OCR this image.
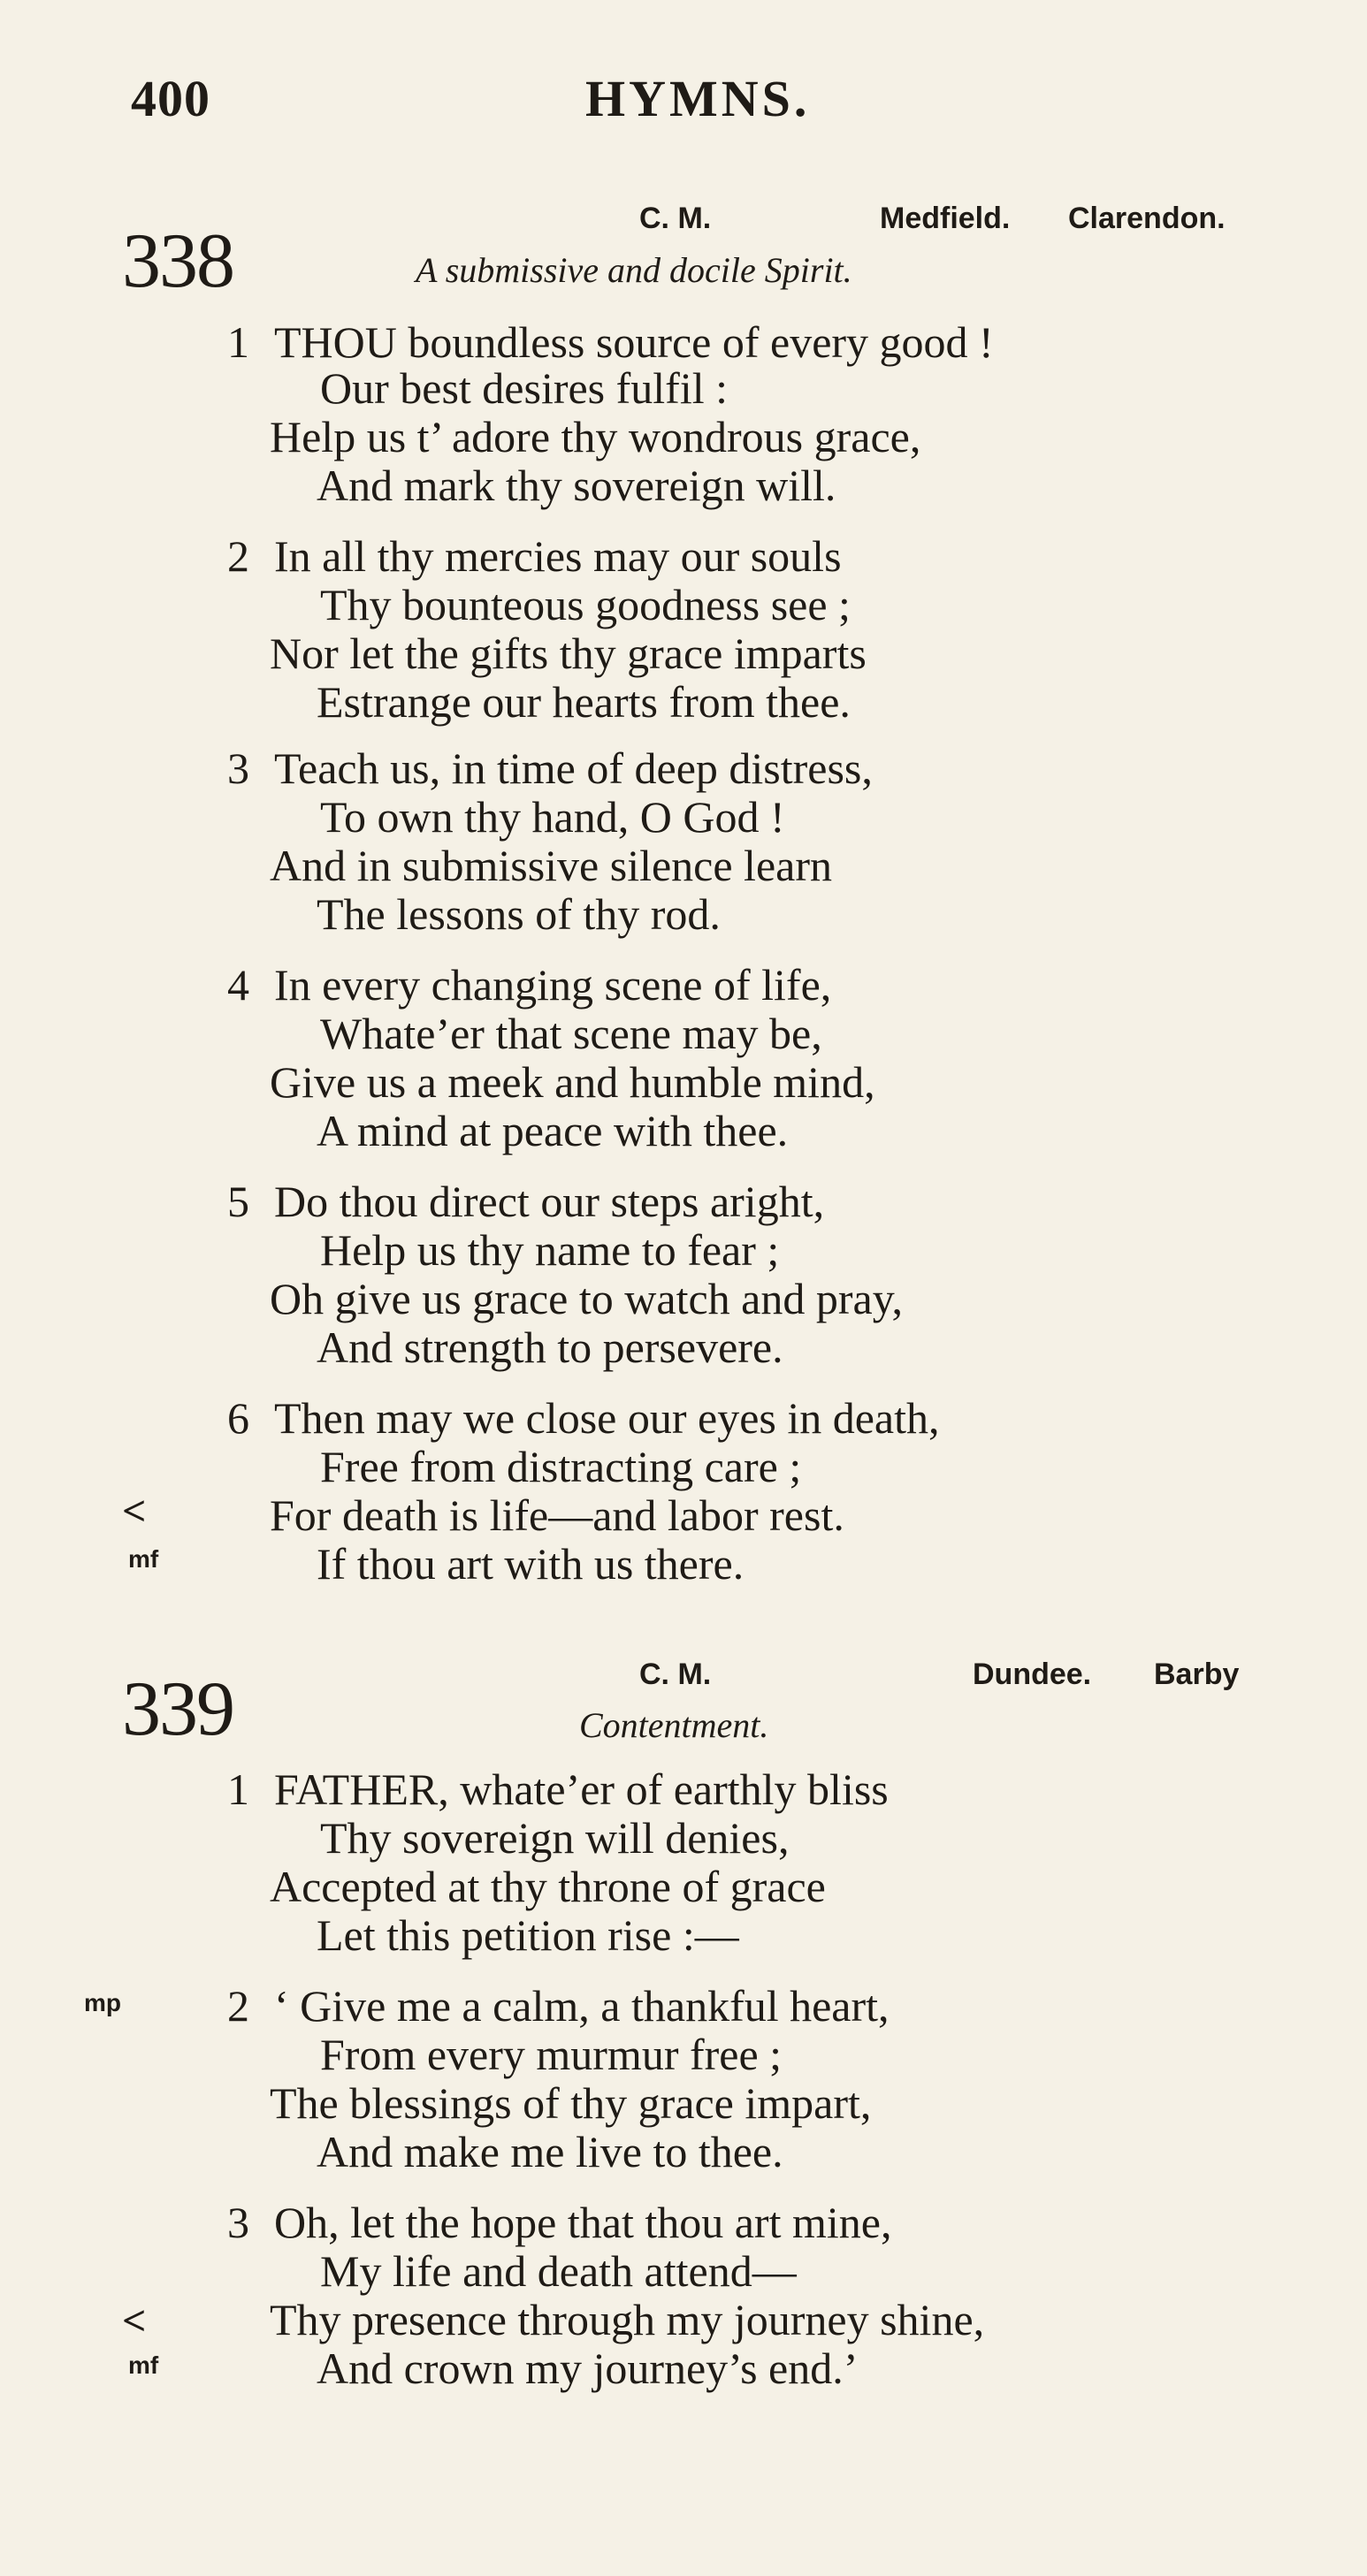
400	HYMNS.
338	C. M.	Medfield. Clarendon.
A submissive and docile Spirit.
1 THOU boundless source of every good !
Our best desires fulfil :
Help us t’ adore thy wondrous grace,
And mark thy sovereign will.
2 In all thy mercies may our souls
Thy bounteous goodness see ;
Nor let the gifts thy grace imparts
Estrange our hearts from thee.
3 Teach us, in time of deep distress,
To own thy hand, O God !
And in submissive silence learn
The lessons of thy rod.
4 In every changing scene of life,
Whate’er that scene may be,
Give us a meek and humble mind,
A mind at peace with thee.
5 Do thou direct our steps aright,
Help us thy name to fear ;
Oh give us grace to watch and pray,
And strength to persevere.
6 Then may we close our eyes in death,
Free from distracting care ;
For death is life—and labor rest.
If thou art with us there.
<
mf
339	C. M.	Dundee. Barby
Contentment.
1 FATHER, whate’er of earthly bliss
Thy sovereign will denies,
Accepted at thy throne of grace
Let this petition rise :—
mp	2 ‘ Give me a calm, a thankful heart,
From every murmur free ;
The blessings of thy grace impart,
And make me live to thee.
3 Oh, let the hope that thou art mine,
My life and death attend—
Thy presence through my journey shine,
And crown my journey’s end.’
<
mf
